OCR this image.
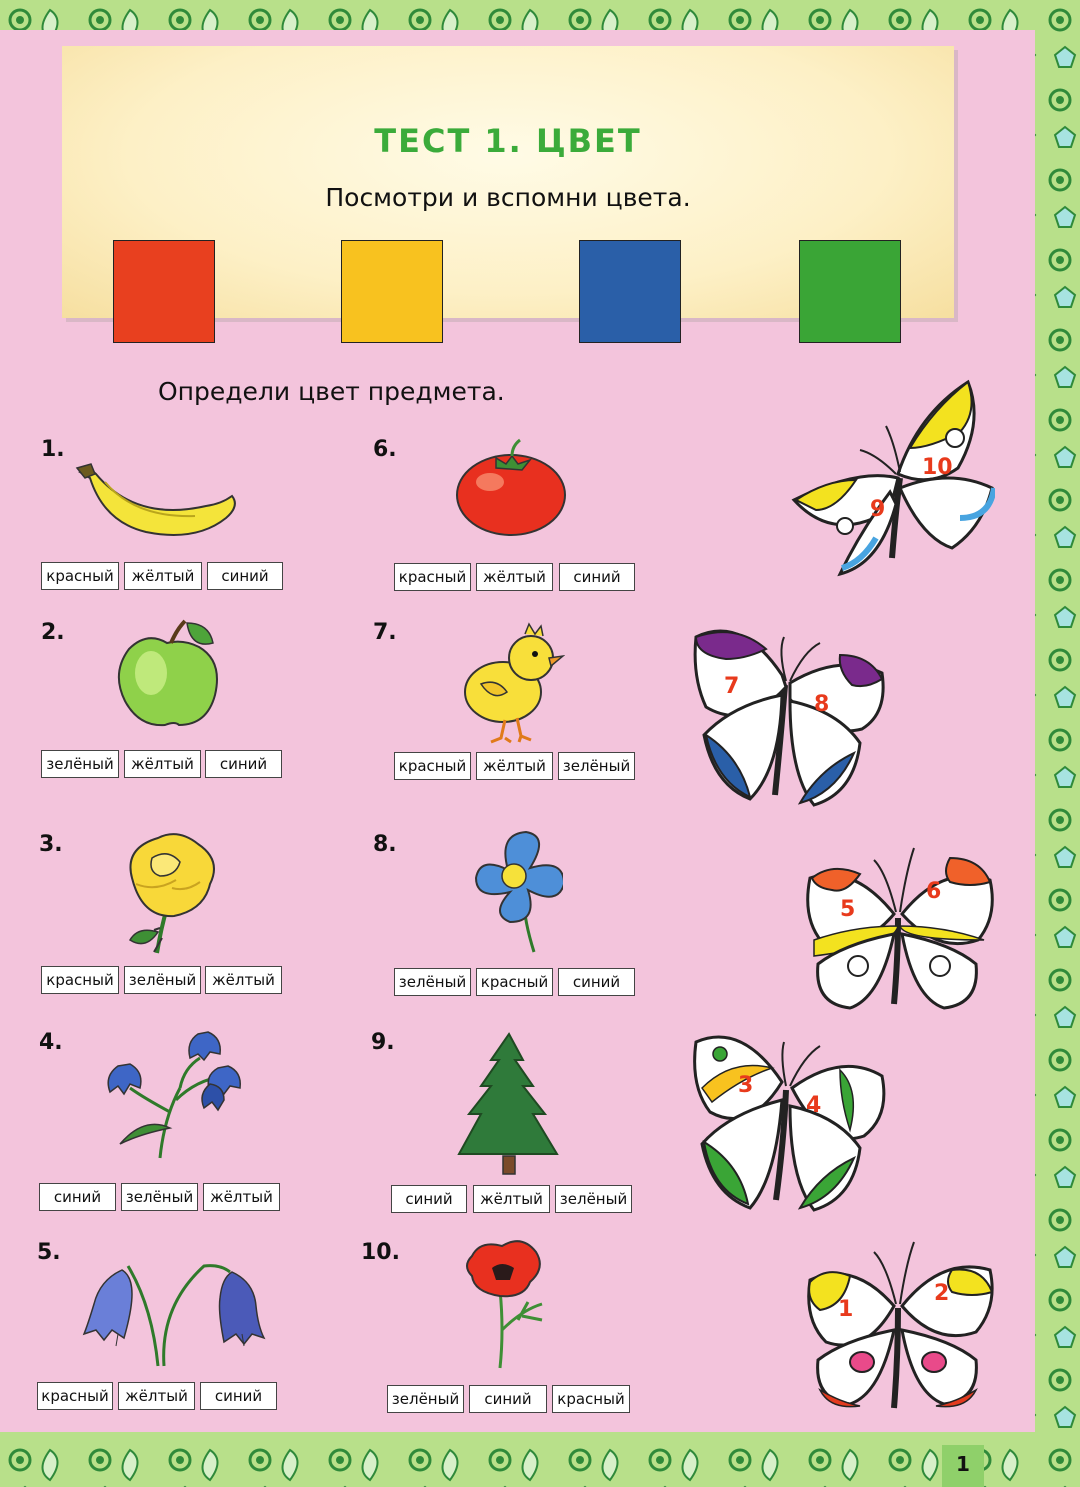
ТЕСТ 1. ЦВЕТ
Посмотри и вспомни цвета.
Определи цвет предмета.
1.
2.
3.
4.
5.
6.
7.
8.
9.
10.
красный	жёлтый	синий
зелёный	жёлтый	синий
красный	зелёный	жёлтый
синий	зелёный	жёлтый
красный	жёлтый	синий
красный	жёлтый	синий
красный	жёлтый	зелёный
зелёный красный	синий
синий	жёлтый	зелёный
зелёный	синий	красный
10
9
7
8
5
6
3
4
1
2
1
